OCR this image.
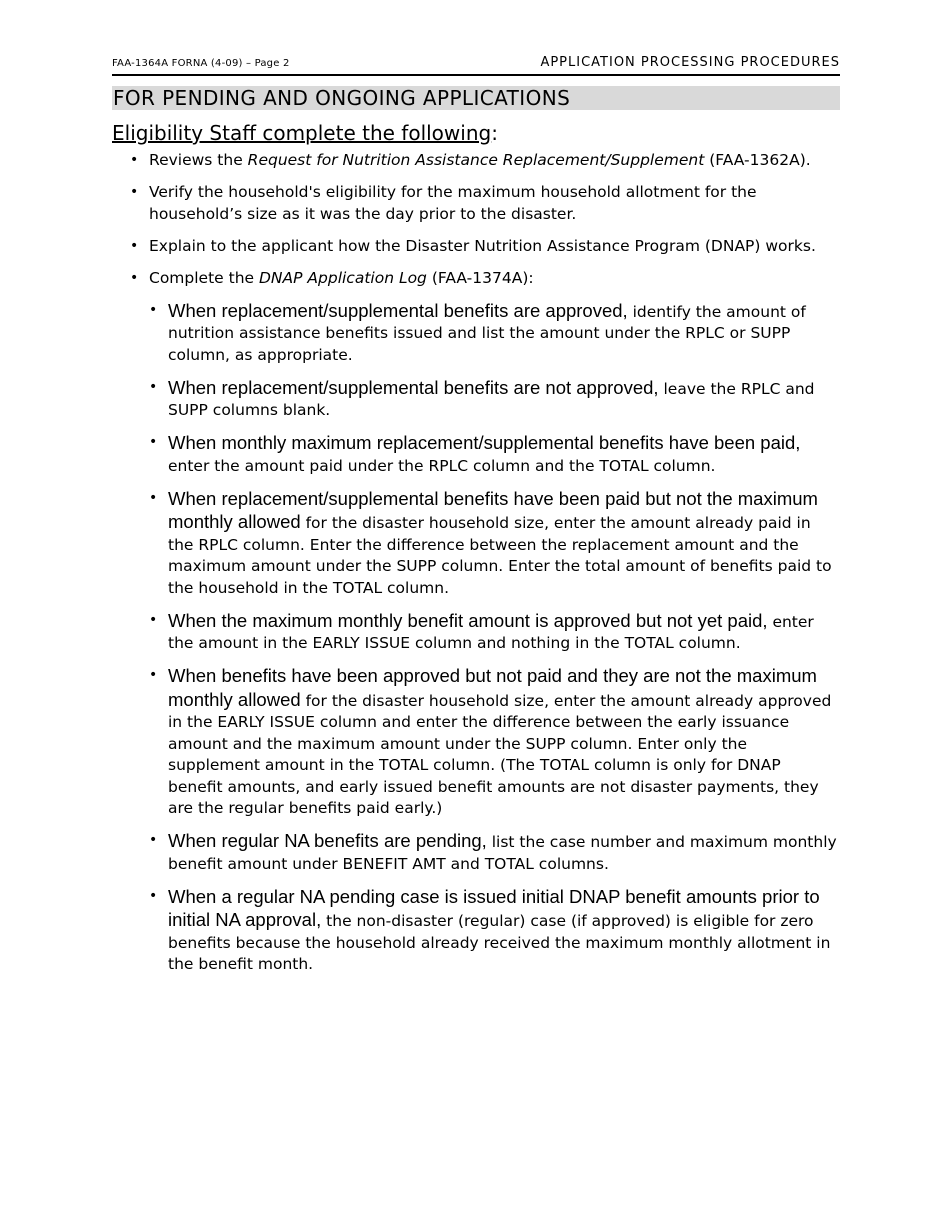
FAA-1364A FORNA (4-09) – Page 2	APPLICATION PROCESSING PROCEDURES
FOR PENDING AND ONGOING APPLICATIONS
Eligibility Staff complete the following:
• Reviews the Request for Nutrition Assistance Replacement/Supplement (FAA-1362A).
• Verify the household's eligibility for the maximum household allotment for the household’s size as it was the day prior to the disaster.
• Explain to the applicant how the Disaster Nutrition Assistance Program (DNAP) works.
• Complete the DNAP Application Log (FAA-1374A):
• When replacement/supplemental benefits are approved, identify the amount of nutrition assistance benefits issued and list the amount under the RPLC or SUPP column, as appropriate.
• When replacement/supplemental benefits are not approved, leave the RPLC and SUPP columns blank.
• When monthly maximum replacement/supplemental benefits have been paid, enter the amount paid under the RPLC column and the TOTAL column.
• When replacement/supplemental benefits have been paid but not the maximum monthly allowed for the disaster household size, enter the amount already paid in the RPLC column. Enter the difference between the replacement amount and the maximum amount under the SUPP column. Enter the total amount of benefits paid to the household in the TOTAL column.
• When the maximum monthly benefit amount is approved but not yet paid, enter the amount in the EARLY ISSUE column and nothing in the TOTAL column.
• When benefits have been approved but not paid and they are not the maximum monthly allowed for the disaster household size, enter the amount already approved in the EARLY ISSUE column and enter the difference between the early issuance amount and the maximum amount under the SUPP column. Enter only the supplement amount in the TOTAL column. (The TOTAL column is only for DNAP benefit amounts, and early issued benefit amounts are not disaster payments, they are the regular benefits paid early.)
• When regular NA benefits are pending, list the case number and maximum monthly benefit amount under BENEFIT AMT and TOTAL columns.
• When a regular NA pending case is issued initial DNAP benefit amounts prior to initial NA approval, the non-disaster (regular) case (if approved) is eligible for zero benefits because the household already received the maximum monthly allotment in the benefit month.
